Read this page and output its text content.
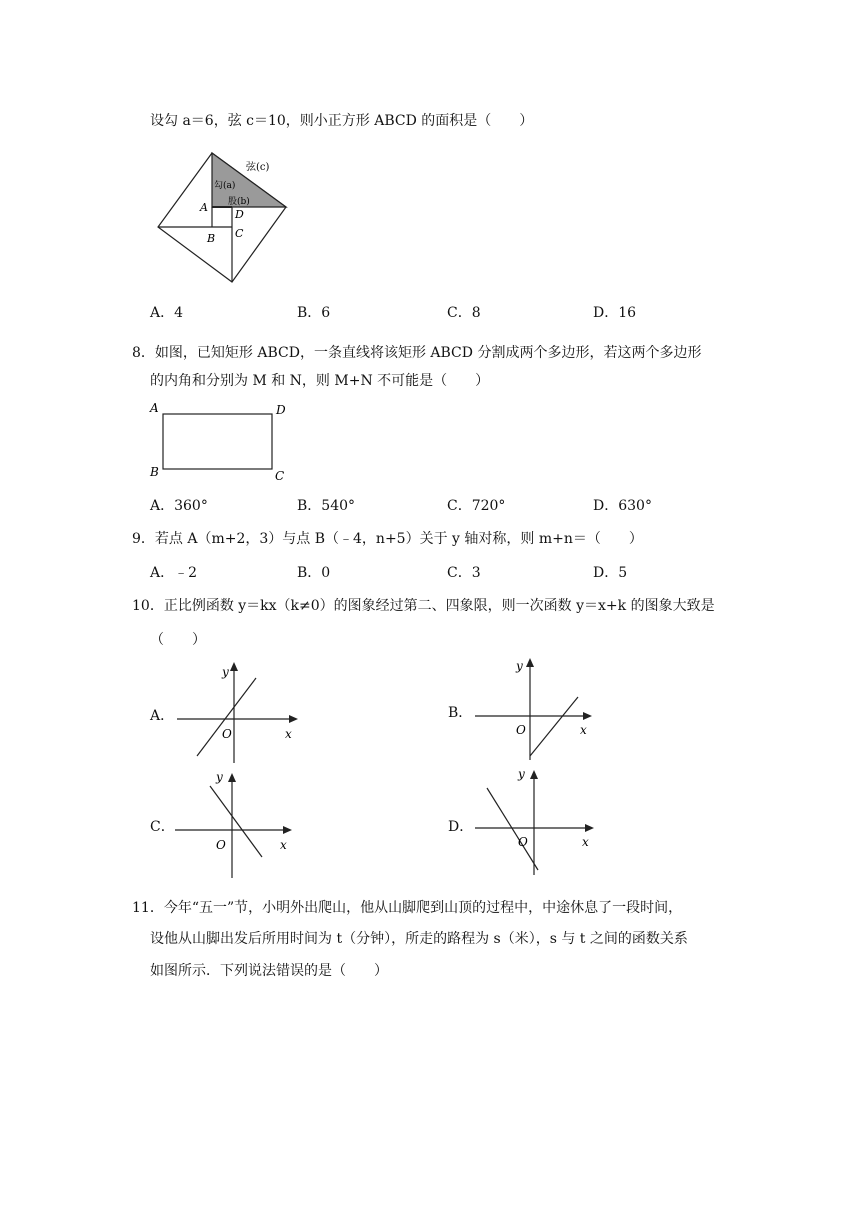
设勾 a＝6，弦 c＝10，则小正方形 ABCD 的面积是（　　）
弦(c)
勾(a)
股(b)
A
D
C
B
A．4	B．6	C．8	D．16
8．如图，已知矩形 ABCD，一条直线将该矩形 ABCD 分割成两个多边形，若这两个多边形
的内角和分别为 M 和 N，则 M+N 不可能是（　　）
A	D
B	C
A．360°	B．540°	C．720°	D．630°
9．若点 A（m+2，3）与点 B（﹣4，n+5）关于 y 轴对称，则 m+n＝（　　）
A．﹣2	B．0	C．3	D．5
10．正比例函数 y＝kx（k≠0）的图象经过第二、四象限，则一次函数 y＝x+k 的图象大致是
（　　）
A．
y
O	x
B．
y
O	x
C．
y
O	x
D．
y
O	x
11．今年“五一”节，小明外出爬山，他从山脚爬到山顶的过程中，中途休息了一段时间，
设他从山脚出发后所用时间为 t（分钟），所走的路程为 s（米），s 与 t 之间的函数关系
如图所示．下列说法错误的是（　　）
